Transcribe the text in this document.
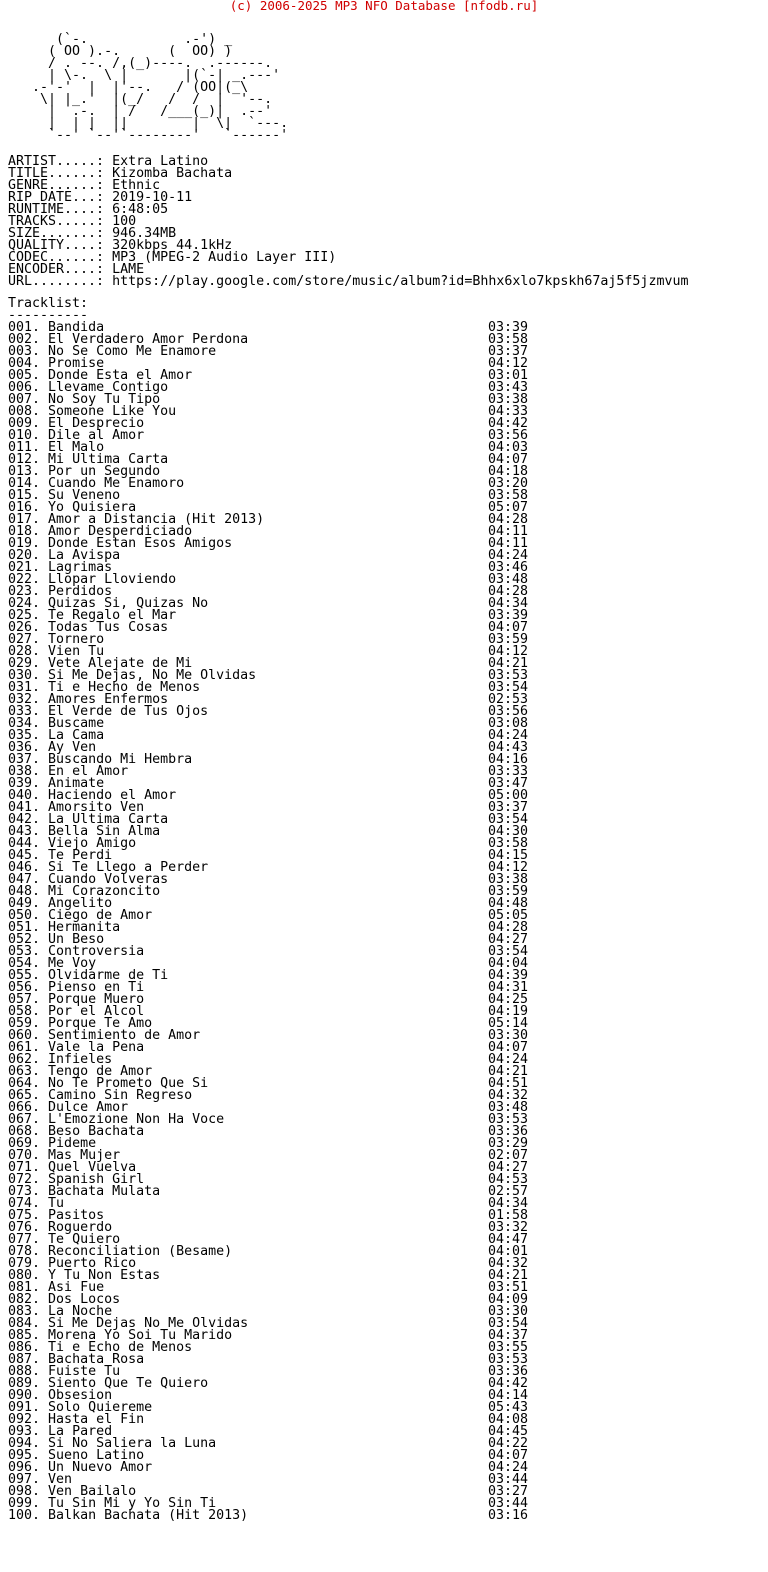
(c) 2006-2025 MP3 NFO Database [nfodb.ru]
(`-.            .-') _
( OO ).-.      (  OO) )
/ . --. /,(_)----.  .------.
| \-.  \ |       |(`-| _.---'
.-'-'  |  |'--.   / (OO|(_\
\| |_.'  |(_/   /  /  |  '--.
|  .-.  | /   /___(_)|  .--'
|  | |  ||        |  \|  `---.
`--' `--'`--------'   `------'
ARTIST.....: Extra Latino
TITLE......: Kizomba Bachata
GENRE......: Ethnic
RIP DATE...: 2019-10-11
RUNTIME....: 6:48:05
TRACKS.....: 100
SIZE.......: 946.34MB
QUALITY....: 320kbps 44.1kHz
CODEC......: MP3 (MPEG-2 Audio Layer III)
ENCODER....: LAME
URL........: https://play.google.com/store/music/album?id=Bhhx6xlo7kpskh67aj5f5jzmvum
Tracklist:
----------
001. Bandida	03:39
002. El Verdadero Amor Perdona	03:58
003. No Se Como Me Enamore	03:37
004. Promise	04:12
005. Donde Esta el Amor	03:01
006. Llevame Contigo	03:43
007. No Soy Tu Tipo	03:38
008. Someone Like You	04:33
009. El Desprecio	04:42
010. Dile al Amor	03:56
011. El Malo	04:03
012. Mi Ultima Carta	04:07
013. Por un Segundo	04:18
014. Cuando Me Enamoro	03:20
015. Su Veneno	03:58
016. Yo Quisiera	05:07
017. Amor a Distancia (Hit 2013)	04:28
018. Amor Desperdiciado	04:11
019. Donde Estan Esos Amigos	04:11
020. La Avispa	04:24
021. Lagrimas	03:46
022. Llopar Lloviendo	03:48
023. Perdidos	04:28
024. Quizas Si, Quizas No	04:34
025. Te Regalo el Mar	03:39
026. Todas Tus Cosas	04:07
027. Tornero	03:59
028. Vien Tu	04:12
029. Vete Alejate de Mi	04:21
030. Si Me Dejas, No Me Olvidas	03:53
031. Ti e Hecho de Menos	03:54
032. Amores Enfermos	02:53
033. El Verde de Tus Ojos	03:56
034. Buscame	03:08
035. La Cama	04:24
036. Ay Ven	04:43
037. Buscando Mi Hembra	04:16
038. En el Amor	03:33
039. Animate	03:47
040. Haciendo el Amor	05:00
041. Amorsito Ven	03:37
042. La Ultima Carta	03:54
043. Bella Sin Alma	04:30
044. Viejo Amigo	03:58
045. Te Perdi	04:15
046. Si Te Llego a Perder	04:12
047. Cuando Volveras	03:38
048. Mi Corazoncito	03:59
049. Angelito	04:48
050. Ciego de Amor	05:05
051. Hermanita	04:28
052. Un Beso	04:27
053. Controversia	03:54
054. Me Voy	04:04
055. Olvidarme de Ti	04:39
056. Pienso en Ti	04:31
057. Porque Muero	04:25
058. Por el Alcol	04:19
059. Porque Te Amo	05:14
060. Sentimiento de Amor	03:30
061. Vale la Pena	04:07
062. Infieles	04:24
063. Tengo de Amor	04:21
064. No Te Prometo Que Si	04:51
065. Camino Sin Regreso	04:32
066. Dulce Amor	03:48
067. L'Emozione Non Ha Voce	03:53
068. Beso Bachata	03:36
069. Pideme	03:29
070. Mas Mujer	02:07
071. Quel Vuelva	04:27
072. Spanish Girl	04:53
073. Bachata Mulata	02:57
074. Tu	04:34
075. Pasitos	01:58
076. Roguerdo	03:32
077. Te Quiero	04:47
078. Reconciliation (Besame)	04:01
079. Puerto Rico	04:32
080. Y Tu Non Estas	04:21
081. Asi Fue	03:51
082. Dos Locos	04:09
083. La Noche	03:30
084. Si Me Dejas No Me Olvidas	03:54
085. Morena Yo Soi Tu Marido	04:37
086. Ti e Echo de Menos	03:55
087. Bachata Rosa	03:53
088. Fuiste Tu	03:36
089. Siento Que Te Quiero	04:42
090. Obsesion	04:14
091. Solo Quiereme	05:43
092. Hasta el Fin	04:08
093. La Pared	04:45
094. Si No Saliera la Luna	04:22
095. Sueno Latino	04:07
096. Un Nuevo Amor	04:24
097. Ven	03:44
098. Ven Bailalo	03:27
099. Tu Sin Mi y Yo Sin Ti	03:44
100. Balkan Bachata (Hit 2013)	03:16
